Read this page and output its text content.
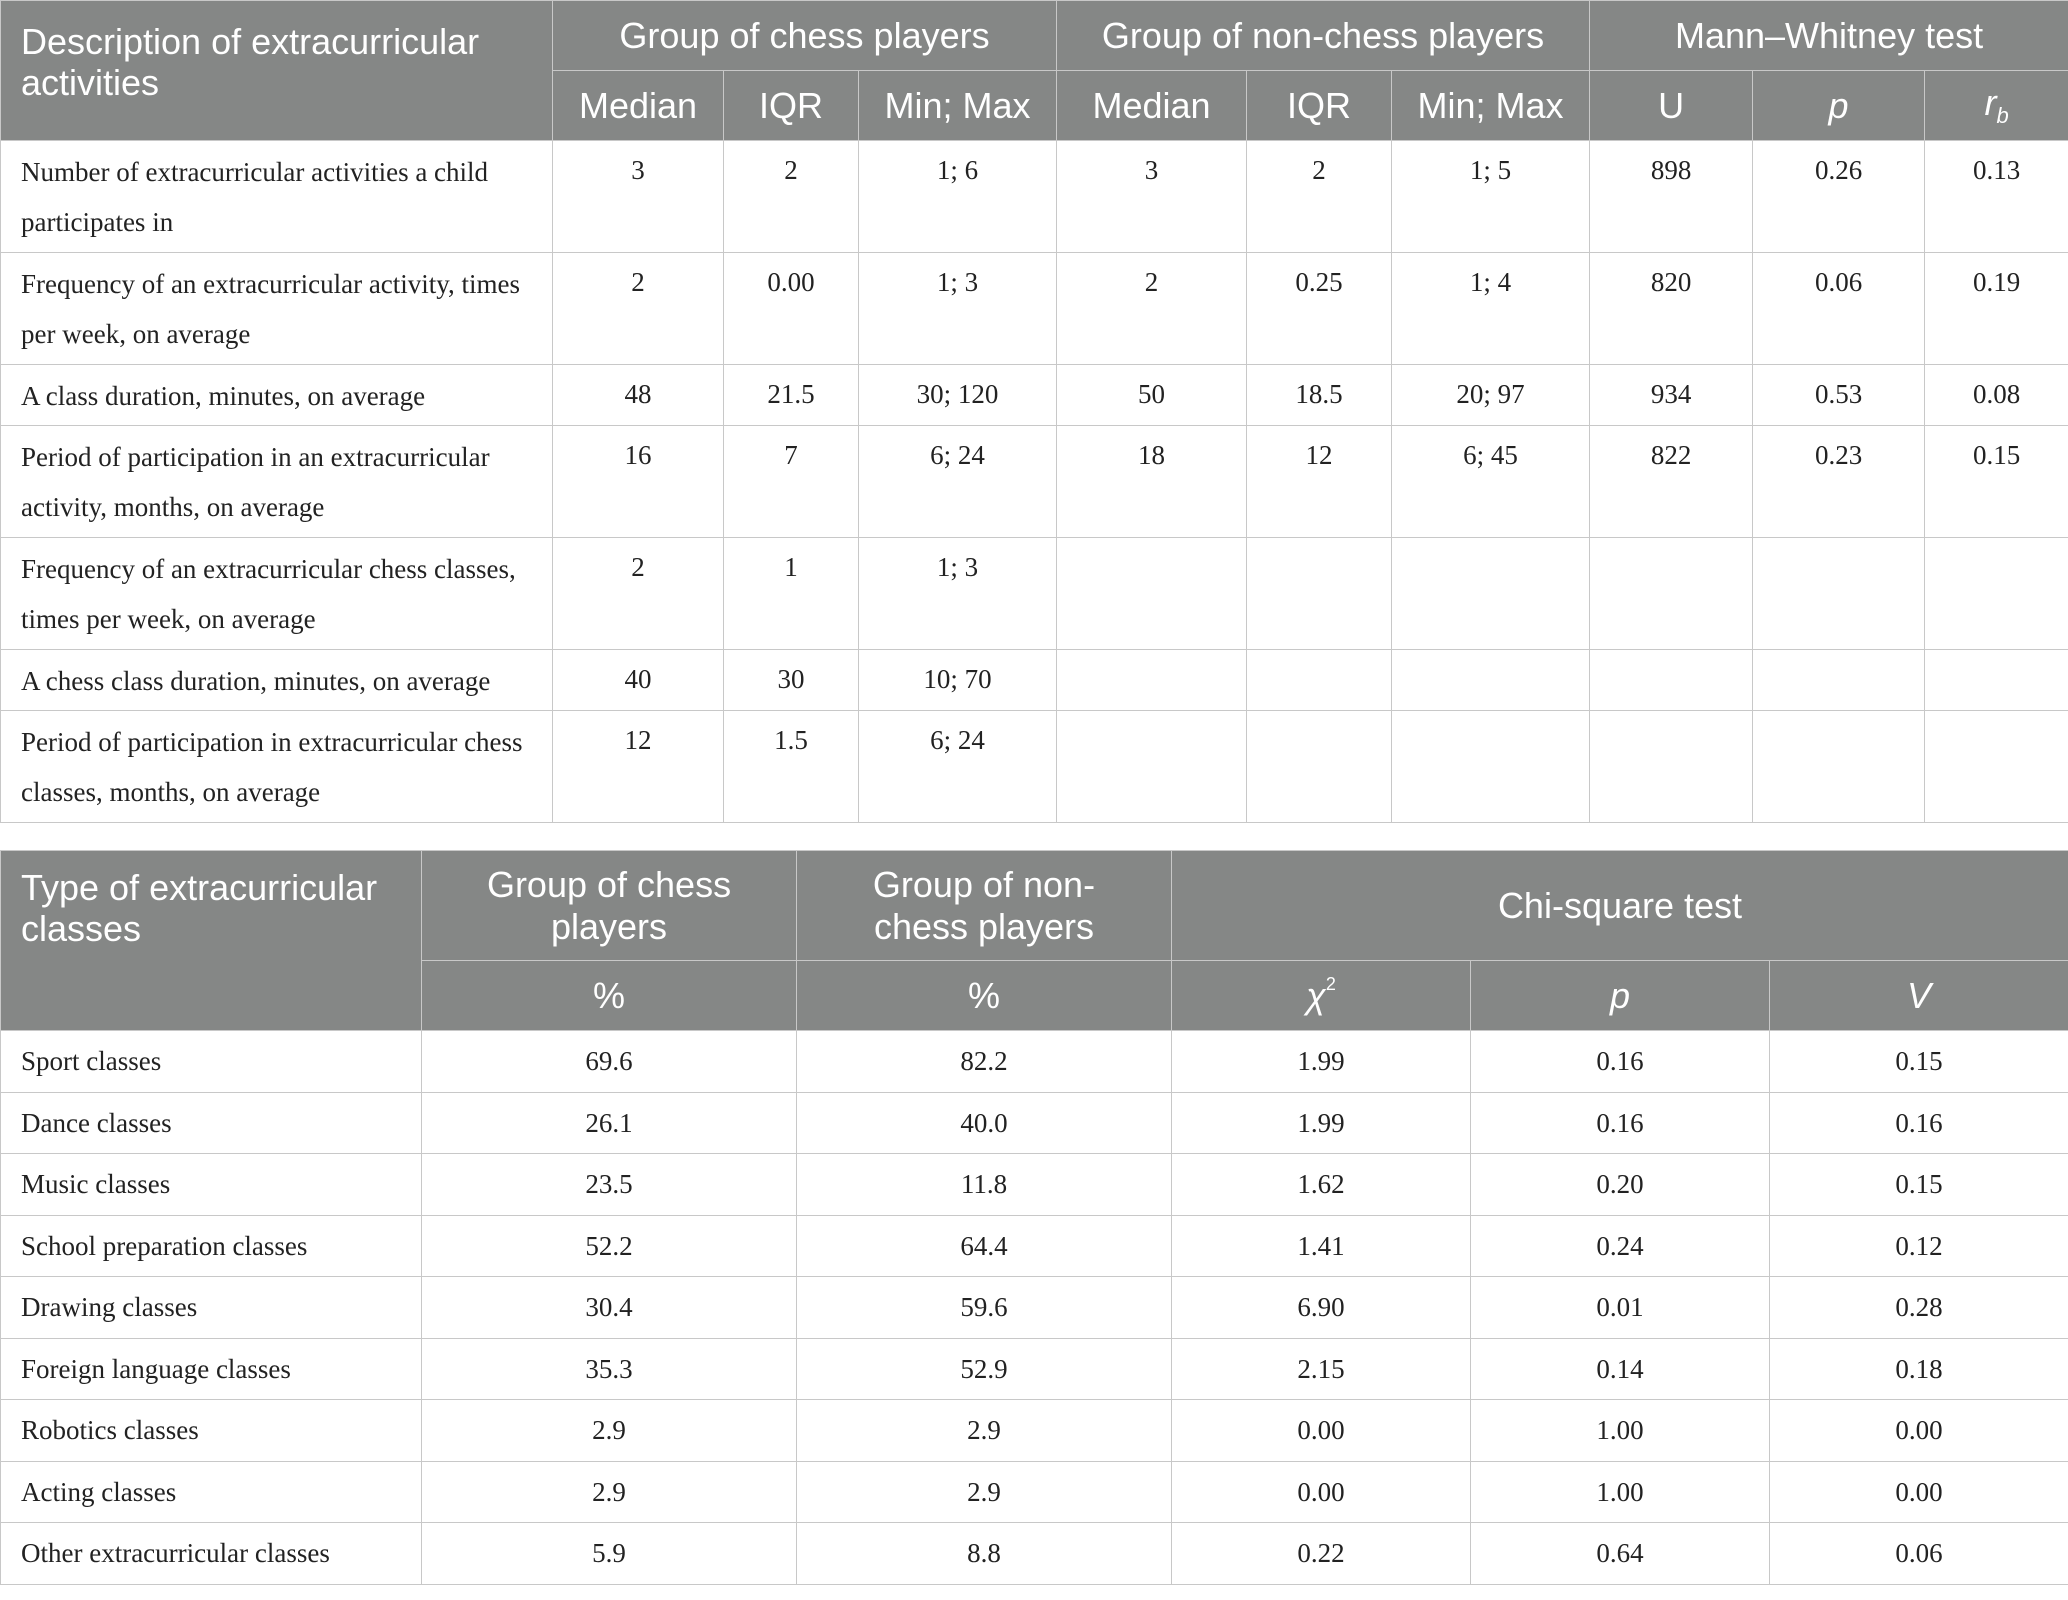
Description of extracurricular activities	Group of chess players			Group of non-chess players			Mann–Whitney test		
	Median	IQR	Min; Max	Median	IQR	Min; Max	U	p	$r_b$
Number of extracurricular activities a child participates in	3	2	1; 6	3	2	1; 5	898	0.26	0.13
Frequency of an extracurricular activity, times per week, on average	2	0.00	1; 3	2	0.25	1; 4	820	0.06	0.19
A class duration, minutes, on average	48	21.5	30; 120	50	18.5	20; 97	934	0.53	0.08
Period of participation in an extracurricular activity, months, on average	16	7	6; 24	18	12	6; 45	822	0.23	0.15
Frequency of an extracurricular chess classes, times per week, on average	2	1	1; 3						
A chess class duration, minutes, on average	40	30	10; 70						
Period of participation in extracurricular chess classes, months, on average	12	1.5	6; 24						
Type of extracurricular classes	Group of chess players	Group of non-chess players	Chi-square test		
	%	%	$\chi^2$	p	V
Sport classes	69.6	82.2	1.99	0.16	0.15
Dance classes	26.1	40.0	1.99	0.16	0.16
Music classes	23.5	11.8	1.62	0.20	0.15
School preparation classes	52.2	64.4	1.41	0.24	0.12
Drawing classes	30.4	59.6	6.90	0.01	0.28
Foreign language classes	35.3	52.9	2.15	0.14	0.18
Robotics classes	2.9	2.9	0.00	1.00	0.00
Acting classes	2.9	2.9	0.00	1.00	0.00
Other extracurricular classes	5.9	8.8	0.22	0.64	0.06
